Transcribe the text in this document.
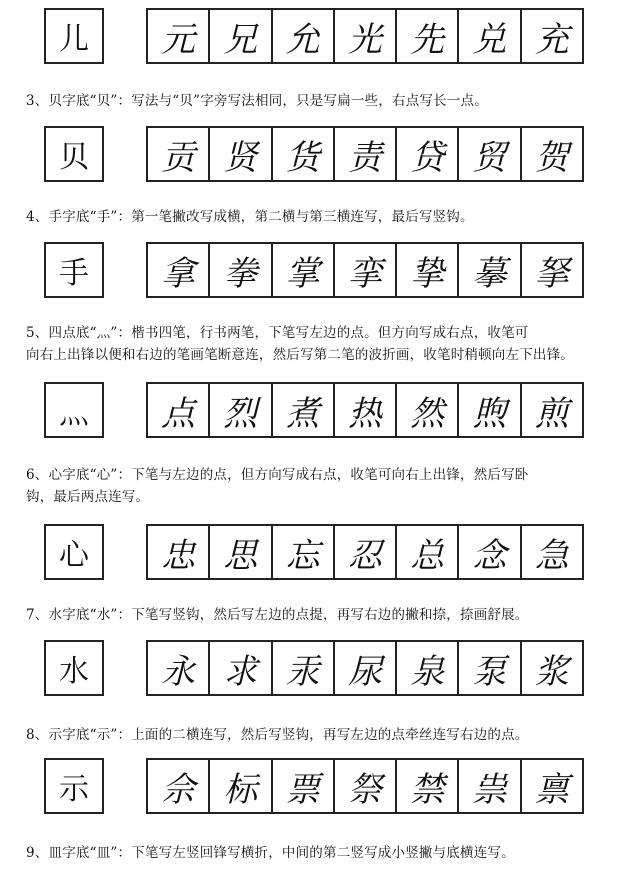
儿	元 兄 允 光 先 兑 充
3、贝字底“贝”：写法与“贝”字旁写法相同，只是写扁一些，右点写长一点。
贝	贡 贤 货 责 贷 贸 贺
4、手字底“手”：第一笔撇改写成横，第二横与第三横连写，最后写竖钩。
手	拿 拳 掌 挛 挚 摹 拏
5、四点底“灬”：楷书四笔，行书两笔，下笔写左边的点。但方向写成右点，收笔可
向右上出锋以便和右边的笔画笔断意连，然后写第二笔的波折画，收笔时稍顿向左下出锋。
灬	点 烈 煮 热 然 煦 煎
6、心字底“心”：下笔与左边的点，但方向写成右点，收笔可向右上出锋，然后写卧
钩，最后两点连写。
心	忠 思 忘 忍 总 念 急
7、水字底“水”：下笔写竖钩，然后写左边的点提，再写右边的撇和捺，捺画舒展。
水	永 求 汞 尿 泉 泵 浆
8、示字底“示”：上面的二横连写，然后写竖钩，再写左边的点牵丝连写右边的点。
示	佘 标 票 祭 禁 祟 禀
9、皿字底“皿”：下笔写左竖回锋写横折，中间的第二竖写成小竖撇与底横连写。
